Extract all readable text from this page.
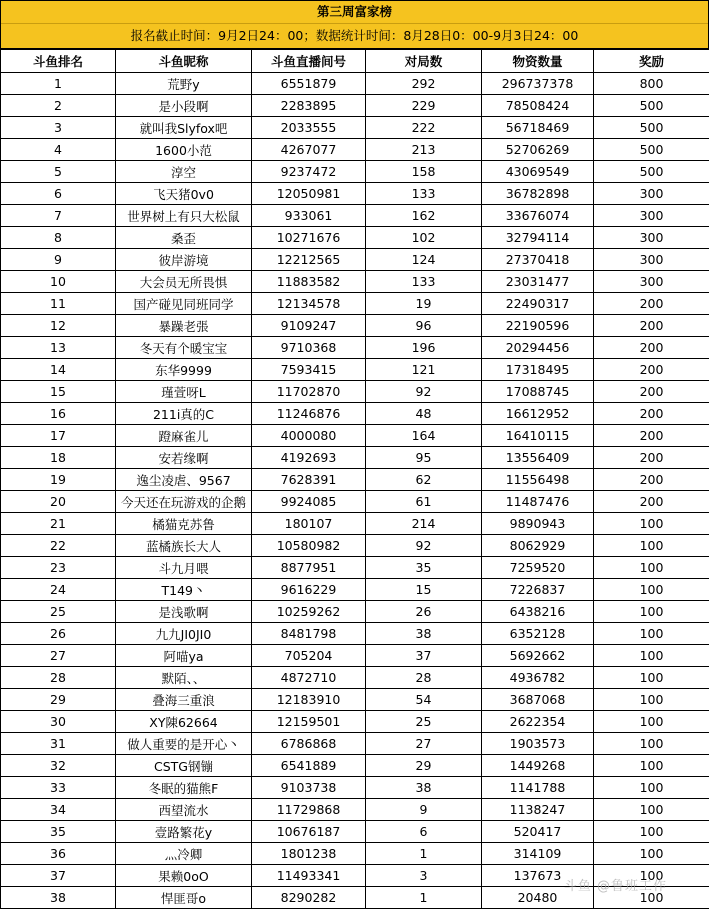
第三周富家榜
报名截止时间：9月2日24：00；数据统计时间：8月28日0：00-9月3日24：00
斗鱼排名	斗鱼昵称	斗鱼直播间号	对局数	物资数量	奖励
1	荒野y	6551879	292	296737378	800
2	是小段啊	2283895	229	78508424	500
3	就叫我Slyfox吧	2033555	222	56718469	500
4	1600小范	4267077	213	52706269	500
5	淳空	9237472	158	43069549	500
6	飞天猪0v0	12050981	133	36782898	300
7	世界树上有只大松鼠	933061	162	33676074	300
8	桑歪	10271676	102	32794114	300
9	彼岸游境	12212565	124	27370418	300
10	大会员无所畏惧	11883582	133	23031477	300
11	国产碰见同班同学	12134578	19	22490317	200
12	暴躁老張	9109247	96	22190596	200
13	冬天有个暖宝宝	9710368	196	20294456	200
14	东华9999	7593415	121	17318495	200
15	瑾萱呀L	11702870	92	17088745	200
16	211i真的C	11246876	48	16612952	200
17	蹬麻雀儿	4000080	164	16410115	200
18	安若缘啊	4192693	95	13556409	200
19	逸尘凌虐、9567	7628391	62	11556498	200
20	今天还在玩游戏的企鹅	9924085	61	11487476	200
21	橘猫克苏鲁	180107	214	9890943	100
22	蓝橘族长大人	10580982	92	8062929	100
23	斗九月喂	8877951	35	7259520	100
24	T149丶	9616229	15	7226837	100
25	是浅歌啊	10259262	26	6438216	100
26	九九JI0JI0	8481798	38	6352128	100
27	阿喵ya	705204	37	5692662	100
28	默陌、、	4872710	28	4936782	100
29	叠海三重浪	12183910	54	3687068	100
30	XY陳62664	12159501	25	2622354	100
31	做人重要的是开心丶	6786868	27	1903573	100
32	CSTG钢镚	6541889	29	1449268	100
33	冬眠的猫熊F	9103738	38	1141788	100
34	西望流水	11729868	9	1138247	100
35	壹路繁花y	10676187	6	520417	100
36	灬冷卿	1801238	1	314109	100
37	果赖0oO	11493341	3	137673	100
38	悍匪哥o	8290282	1	20480	100
斗鱼 @鲁班工作
